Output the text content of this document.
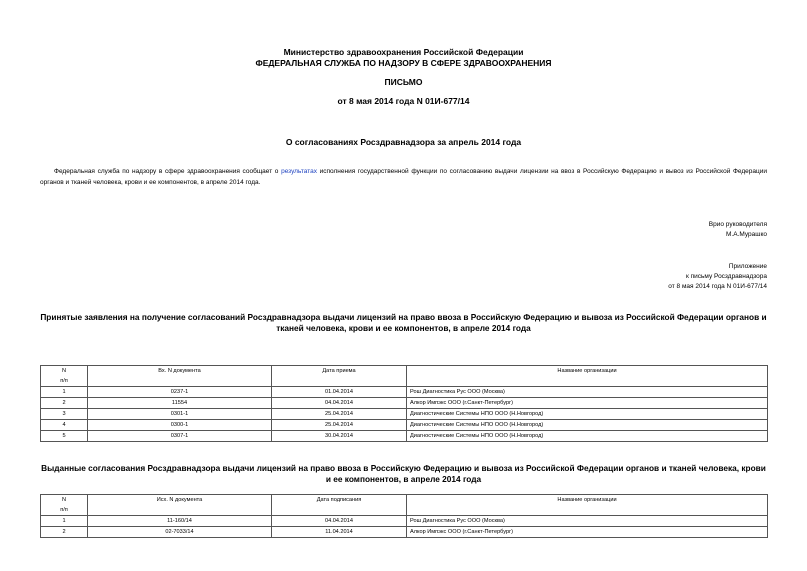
Министерство здравоохранения Российской Федерации
ФЕДЕРАЛЬНАЯ СЛУЖБА ПО НАДЗОРУ В СФЕРЕ ЗДРАВООХРАНЕНИЯ
ПИСЬМО
от 8 мая 2014 года N 01И-677/14
О согласованиях Росздравнадзора за апрель 2014 года
Федеральная служба по надзору в сфере здравоохранения сообщает о результатах исполнения государственной функции по согласованию выдачи лицензии на ввоз в Российскую Федерацию и вывоз из Российской Федерации органов и тканей человека, крови и ее компонентов, в апреле 2014 года.
Врио руководителя
М.А.Мурашко
Приложение
к письму Росздравнадзора
от 8 мая 2014 года N 01И-677/14
Принятые заявления на получение согласований Росздравнадзора выдачи лицензий на право ввоза в Российскую Федерацию и вывоза из Российской Федерации органов и тканей человека, крови и ее компонентов, в апреле 2014 года
N
п/п	Вх. N документа	Дата приема	Название организации
1	0237-1	01.04.2014	Рош Диагностика Рус ООО (Москва)
2	11554	04.04.2014	Алкор Импэкс ООО (г.Санкт-Петербург)
3	0301-1	25.04.2014	Диагностические Системы НПО ООО (Н.Новгород)
4	0300-1	25.04.2014	Диагностические Системы НПО ООО (Н.Новгород)
5	0307-1	30.04.2014	Диагностические Системы НПО ООО (Н.Новгород)
Выданные согласования Росздравнадзора выдачи лицензий на право ввоза в Российскую Федерацию и вывоза из Российской Федерации органов и тканей человека, крови и ее компонентов, в апреле 2014 года
N
п/п	Исх. N документа	Дата подписания	Название организации
1	11-160/14	04.04.2014	Рош Диагностика Рус ООО (Москва)
2	02-7033/14	11.04.2014	Алкор Импэкс ООО (г.Санкт-Петербург)
